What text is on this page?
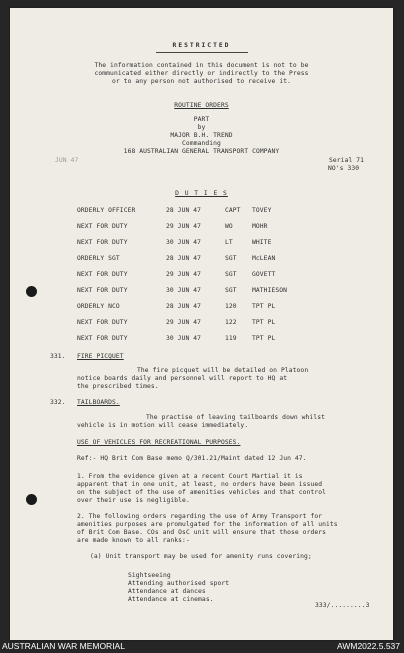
RESTRICTED
The information contained in this document is not to be
communicated either directly or indirectly to the Press
or to any person not authorised to receive it.
ROUTINE ORDERS
PART
by
MAJOR B.H. TREND
Commanding
168 AUSTRALIAN GENERAL TRANSPORT COMPANY
JUN 47	Serial 71
NO's 330
D U T I E S
ORDERLY OFFICER	28 JUN 47	CAPT TOVEY
NEXT FOR DUTY	29 JUN 47	WO	MOHR
NEXT FOR DUTY	30 JUN 47	LT	WHITE
ORDERLY SGT	28 JUN 47	SGT McLEAN
NEXT FOR DUTY	29 JUN 47	SGT GOVETT
NEXT FOR DUTY	30 JUN 47	SGT MATHIESON
ORDERLY NCO	28 JUN 47	120 TPT PL
NEXT FOR DUTY	29 JUN 47	122 TPT PL
NEXT FOR DUTY	30 JUN 47	119 TPT PL
331. FIRE PICQUET
The fire picquet will be detailed on Platoon
notice boards daily and personnel will report to HQ at
the prescribed times.
332. TAILBOARDS.
The practise of leaving tailboards down whilst
vehicle is in motion will cease immediately.
USE OF VEHICLES FOR RECREATIONAL PURPOSES.
Ref:- HQ Brit Com Base memo Q/301.21/Maint dated 12 Jun 47.
1. From the evidence given at a recent Court Martial it is
apparent that in one unit, at least, no orders have been issued
on the subject of the use of amenities vehicles and that control
over their use is negligible.
2. The following orders regarding the use of Army Transport for
amenities purposes are promulgated for the information of all units
of Brit Com Base. COs and OsC unit will ensure that those orders
are made known to all ranks:-
(a) Unit transport may be used for amenity runs covering;
Sightseeing
Attending authorised sport
Attendance at dances
Attendance at cinemas.
333/.........3
AUSTRALIAN WAR MEMORIAL	AWM2022.5.537
